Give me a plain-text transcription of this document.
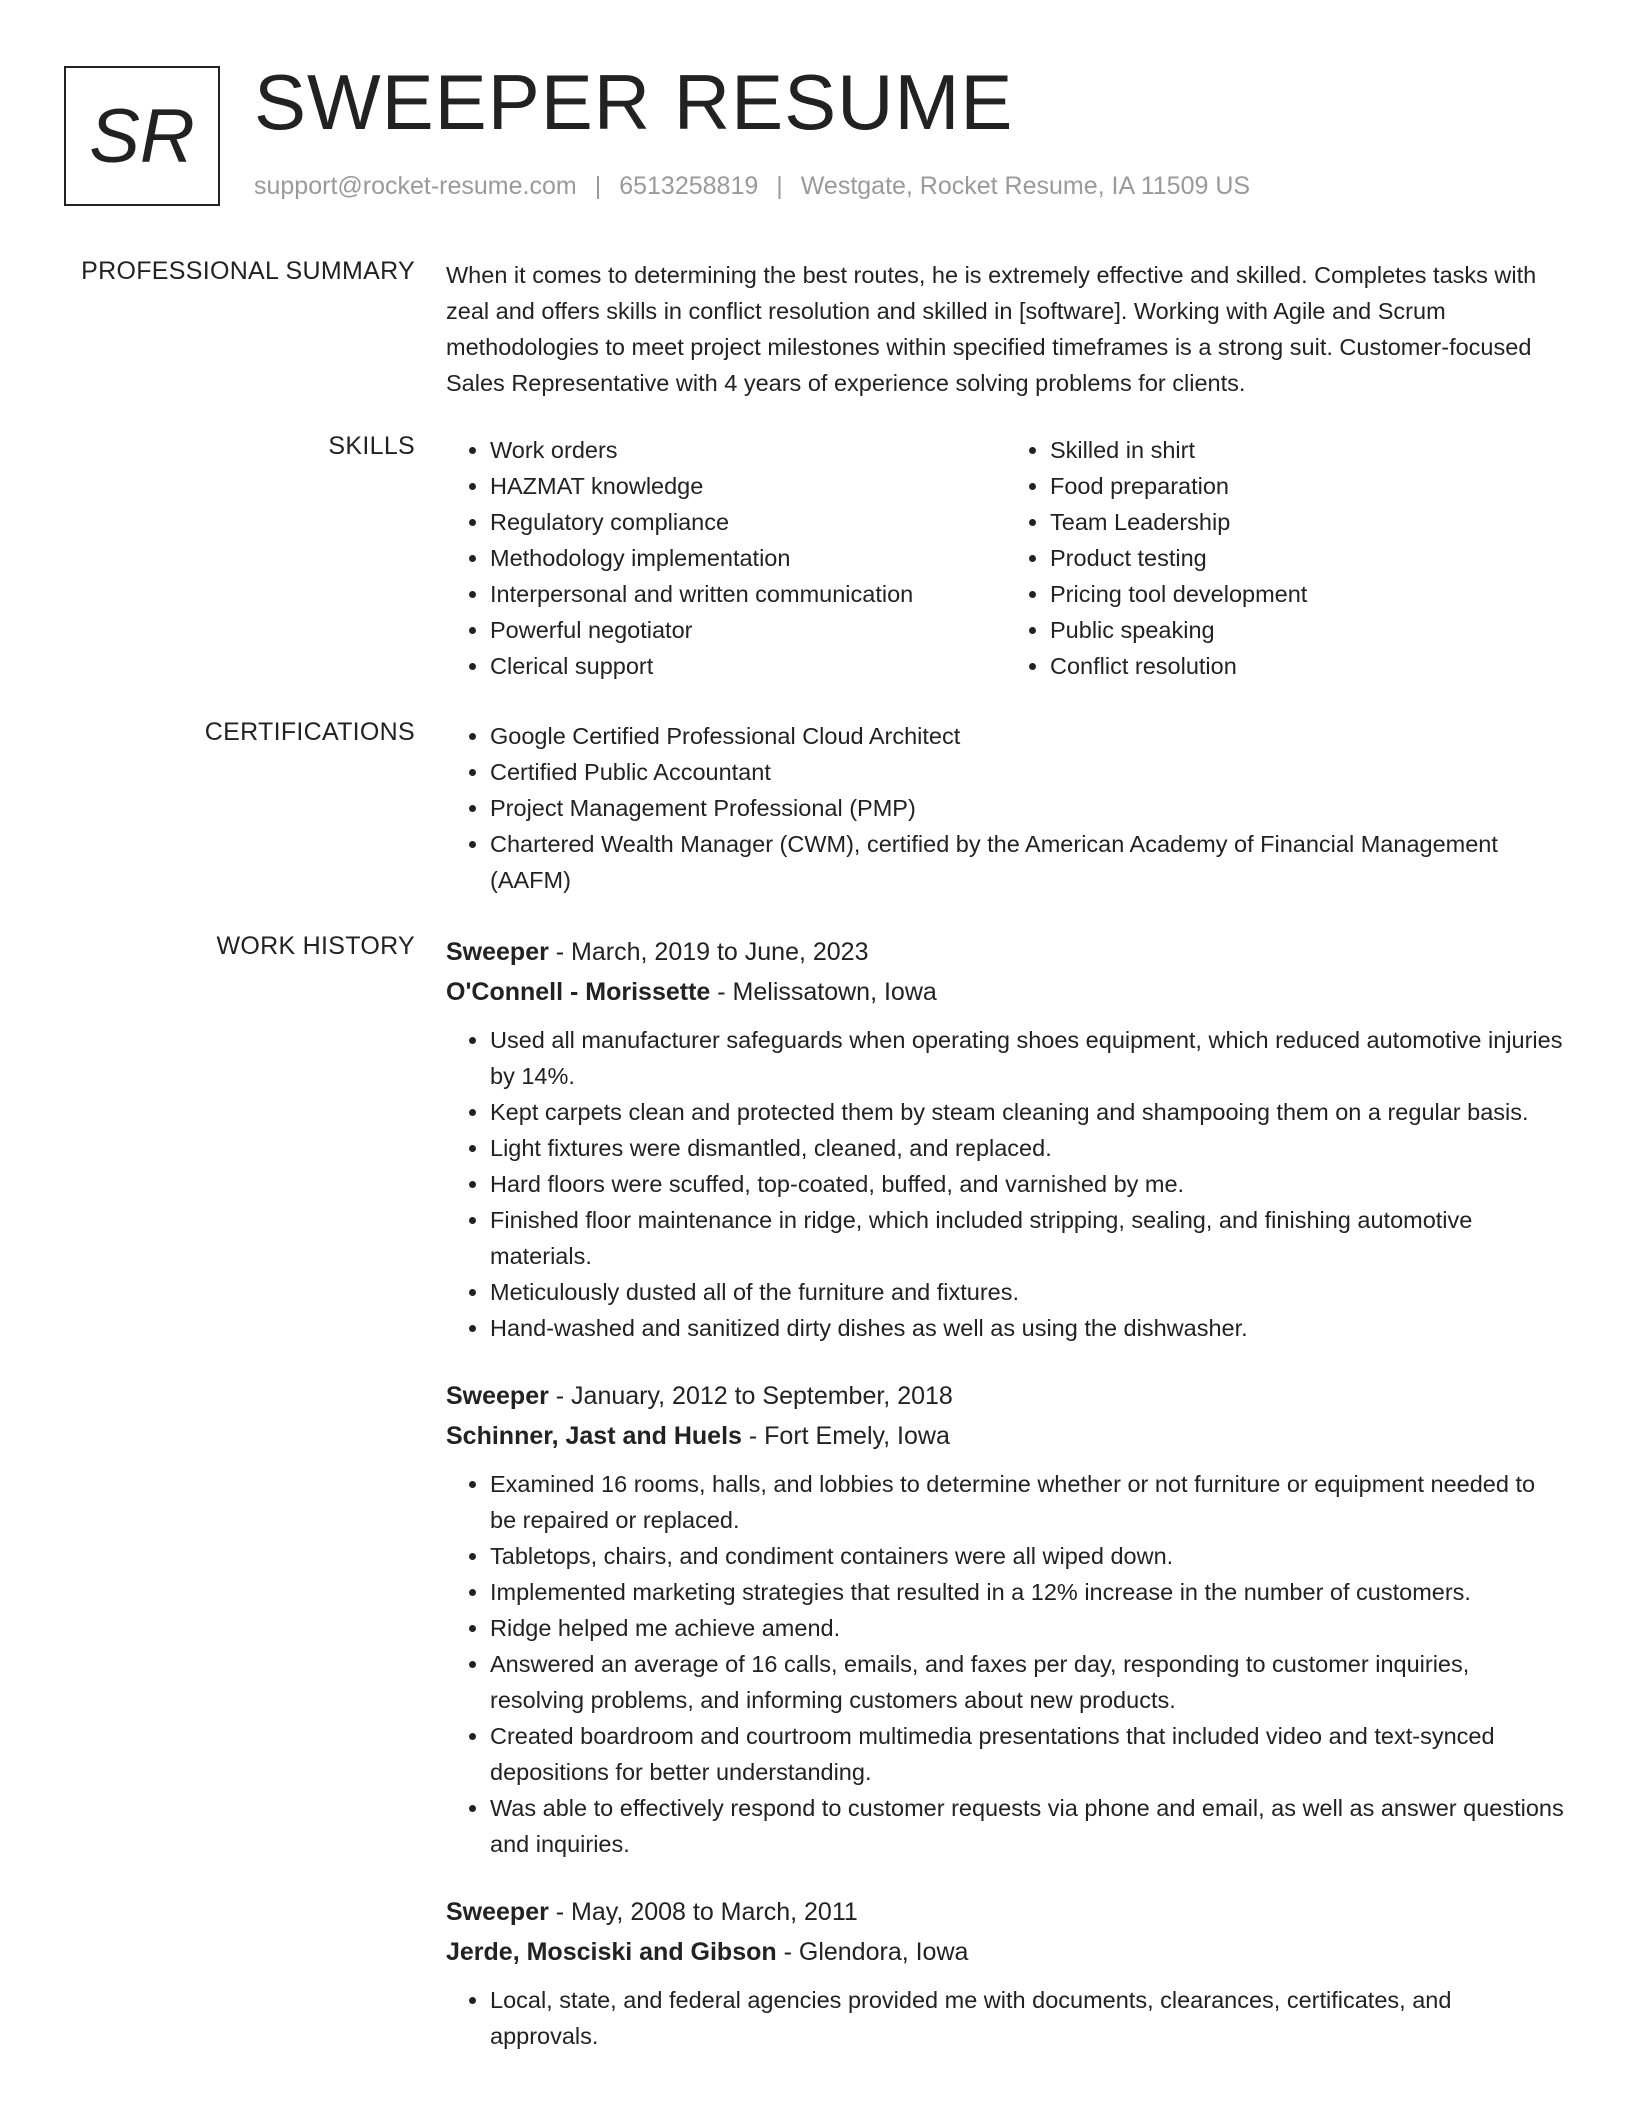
SR SWEEPER RESUME
support@rocket-resume.com | 6513258819 | Westgate, Rocket Resume, IA 11509 US
PROFESSIONAL SUMMARY When it comes to determining the best routes, he is extremely effective and skilled. Completes tasks with zeal and offers skills in conflict resolution and skilled in [software]. Working with Agile and Scrum methodologies to meet project milestones within specified timeframes is a strong suit. Customer-focused Sales Representative with 4 years of experience solving problems for clients.
SKILLS	• Work orders
• HAZMAT knowledge
• Regulatory compliance
• Methodology implementation
• Interpersonal and written communication
• Powerful negotiator
• Clerical support
• Skilled in shirt
• Food preparation
• Team Leadership
• Product testing
• Pricing tool development
• Public speaking
• Conflict resolution
CERTIFICATIONS	• Google Certified Professional Cloud Architect
• Certified Public Accountant
• Project Management Professional (PMP)
• Chartered Wealth Manager (CWM), certified by the American Academy of Financial Management (AAFM)
WORK HISTORY Sweeper - March, 2019 to June, 2023
O'Connell - Morissette - Melissatown, Iowa
• Used all manufacturer safeguards when operating shoes equipment, which reduced automotive injuries by 14%.
• Kept carpets clean and protected them by steam cleaning and shampooing them on a regular basis.
• Light fixtures were dismantled, cleaned, and replaced.
• Hard floors were scuffed, top-coated, buffed, and varnished by me.
• Finished floor maintenance in ridge, which included stripping, sealing, and finishing automotive materials.
• Meticulously dusted all of the furniture and fixtures.
• Hand-washed and sanitized dirty dishes as well as using the dishwasher.
Sweeper - January, 2012 to September, 2018
Schinner, Jast and Huels - Fort Emely, Iowa
• Examined 16 rooms, halls, and lobbies to determine whether or not furniture or equipment needed to be repaired or replaced.
• Tabletops, chairs, and condiment containers were all wiped down.
• Implemented marketing strategies that resulted in a 12% increase in the number of customers.
• Ridge helped me achieve amend.
• Answered an average of 16 calls, emails, and faxes per day, responding to customer inquiries, resolving problems, and informing customers about new products.
• Created boardroom and courtroom multimedia presentations that included video and text-synced depositions for better understanding.
• Was able to effectively respond to customer requests via phone and email, as well as answer questions and inquiries.
Sweeper - May, 2008 to March, 2011
Jerde, Mosciski and Gibson - Glendora, Iowa
• Local, state, and federal agencies provided me with documents, clearances, certificates, and approvals.
